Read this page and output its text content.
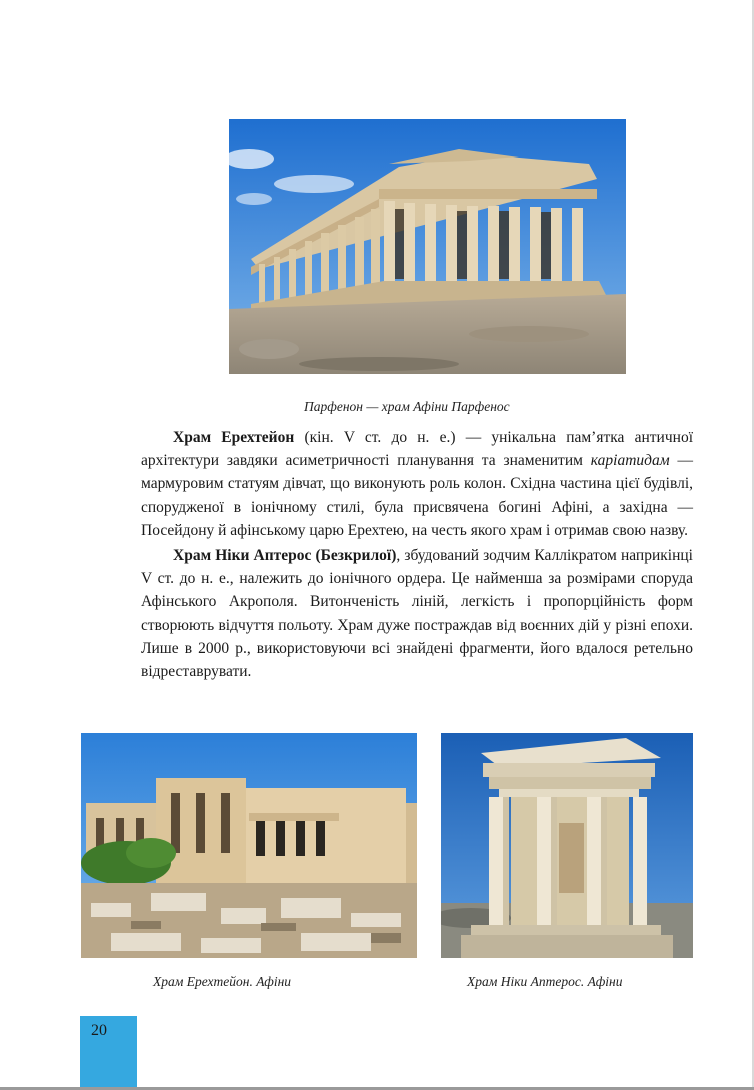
Парфенон — храм Афіни Парфенос

Храм Ерехтейон (кін. V ст. до н. е.) — унікальна пам’ятка античної архітектури завдяки асиметричності планування та знаменитим каріатидам — мармуровим статуям дівчат, що виконують роль колон. Східна частина цієї будівлі, спорудженої в іонічному стилі, була присвячена богині Афіні, а західна — Посейдону й афінському царю Ерехтею, на честь якого храм і отримав свою назву.

Храм Ніки Аптерос (Безкрилої), збудований зодчим Каллікратом наприкінці V ст. до н. е., належить до іонічного ордера. Це найменша за розмірами споруда Афінського Акрополя. Витонченість ліній, легкість і пропорційність форм створюють відчуття польоту. Храм дуже постраждав від воєнних дій у різні епохи. Лише в 2000 р., використовуючи всі знайдені фрагменти, його вдалося ретельно відреставрувати.

Храм Ерехтейон. Афіни	Храм Ніки Аптерос. Афіни
20
